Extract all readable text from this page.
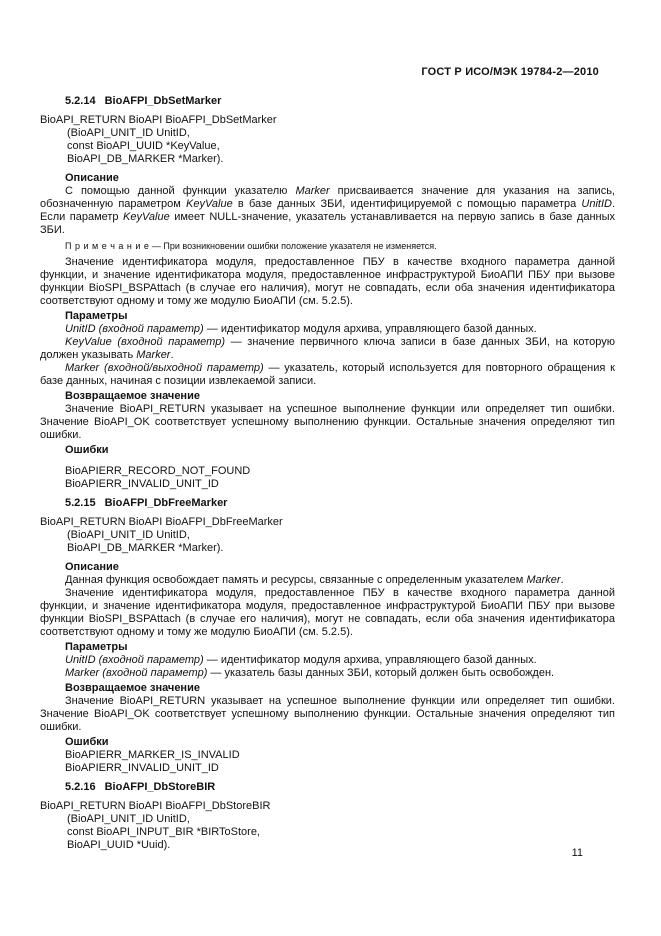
ГОСТ Р ИСО/МЭК 19784-2—2010
5.2.14 BioAFPI_DbSetMarker
BioAPI_RETURN BioAPI BioAFPI_DbSetMarker
(BioAPI_UNIT_ID UnitID,
const BioAPI_UUID *KeyValue,
BioAPI_DB_MARKER *Marker).
Описание

С помощью данной функции указателю Marker присваивается значение для указания на запись, обозначенную параметром KeyValue в базе данных ЗБИ, идентифицируемой с помощью параметра UnitID. Если параметр KeyValue имеет NULL-значение, указатель устанавливается на первую запись в базе данных ЗБИ.

П р и м е ч а н и е — При возникновении ошибки положение указателя не изменяется.

Значение идентификатора модуля, предоставленное ПБУ в качестве входного параметра данной функции, и значение идентификатора модуля, предоставленное инфраструктурой БиоАПИ ПБУ при вызове функции BioSPI_BSPAttach (в случае его наличия), могут не совпадать, если оба значения идентификатора соответствуют одному и тому же модулю БиоАПИ (см. 5.2.5).

Параметры

UnitID (входной параметр) — идентификатор модуля архива, управляющего базой данных.

KeyValue (входной параметр) — значение первичного ключа записи в базе данных ЗБИ, на которую должен указывать Marker.

Marker (входной/выходной параметр) — указатель, который используется для повторного обращения к базе данных, начиная с позиции извлекаемой записи.

Возвращаемое значение

Значение BioAPI_RETURN указывает на успешное выполнение функции или определяет тип ошибки. Значение BioAPI_OK соответствует успешному выполнению функции. Остальные значения определяют тип ошибки.

Ошибки
BioAPIERR_RECORD_NOT_FOUND
BioAPIERR_INVALID_UNIT_ID
5.2.15 BioAFPI_DbFreeMarker
BioAPI_RETURN BioAPI BioAFPI_DbFreeMarker
(BioAPI_UNIT_ID UnitID,
BioAPI_DB_MARKER *Marker).
Описание

Данная функция освобождает память и ресурсы, связанные с определенным указателем Marker.

Значение идентификатора модуля, предоставленное ПБУ в качестве входного параметра данной функции, и значение идентификатора модуля, предоставленное инфраструктурой БиоАПИ ПБУ при вызове функции BioSPI_BSPAttach (в случае его наличия), могут не совпадать, если оба значения идентификатора соответствуют одному и тому же модулю БиоАПИ (см. 5.2.5).

Параметры

UnitID (входной параметр) — идентификатор модуля архива, управляющего базой данных.

Marker (входной параметр) — указатель базы данных ЗБИ, который должен быть освобожден.

Возвращаемое значение

Значение BioAPI_RETURN указывает на успешное выполнение функции или определяет тип ошибки. Значение BioAPI_OK соответствует успешному выполнению функции. Остальные значения определяют тип ошибки.

Ошибки
BioAPIERR_MARKER_IS_INVALID
BioAPIERR_INVALID_UNIT_ID
5.2.16 BioAFPI_DbStoreBIR
BioAPI_RETURN BioAPI BioAFPI_DbStoreBIR
(BioAPI_UNIT_ID UnitID,
const BioAPI_INPUT_BIR *BIRToStore,
BioAPI_UUID *Uuid).
11
